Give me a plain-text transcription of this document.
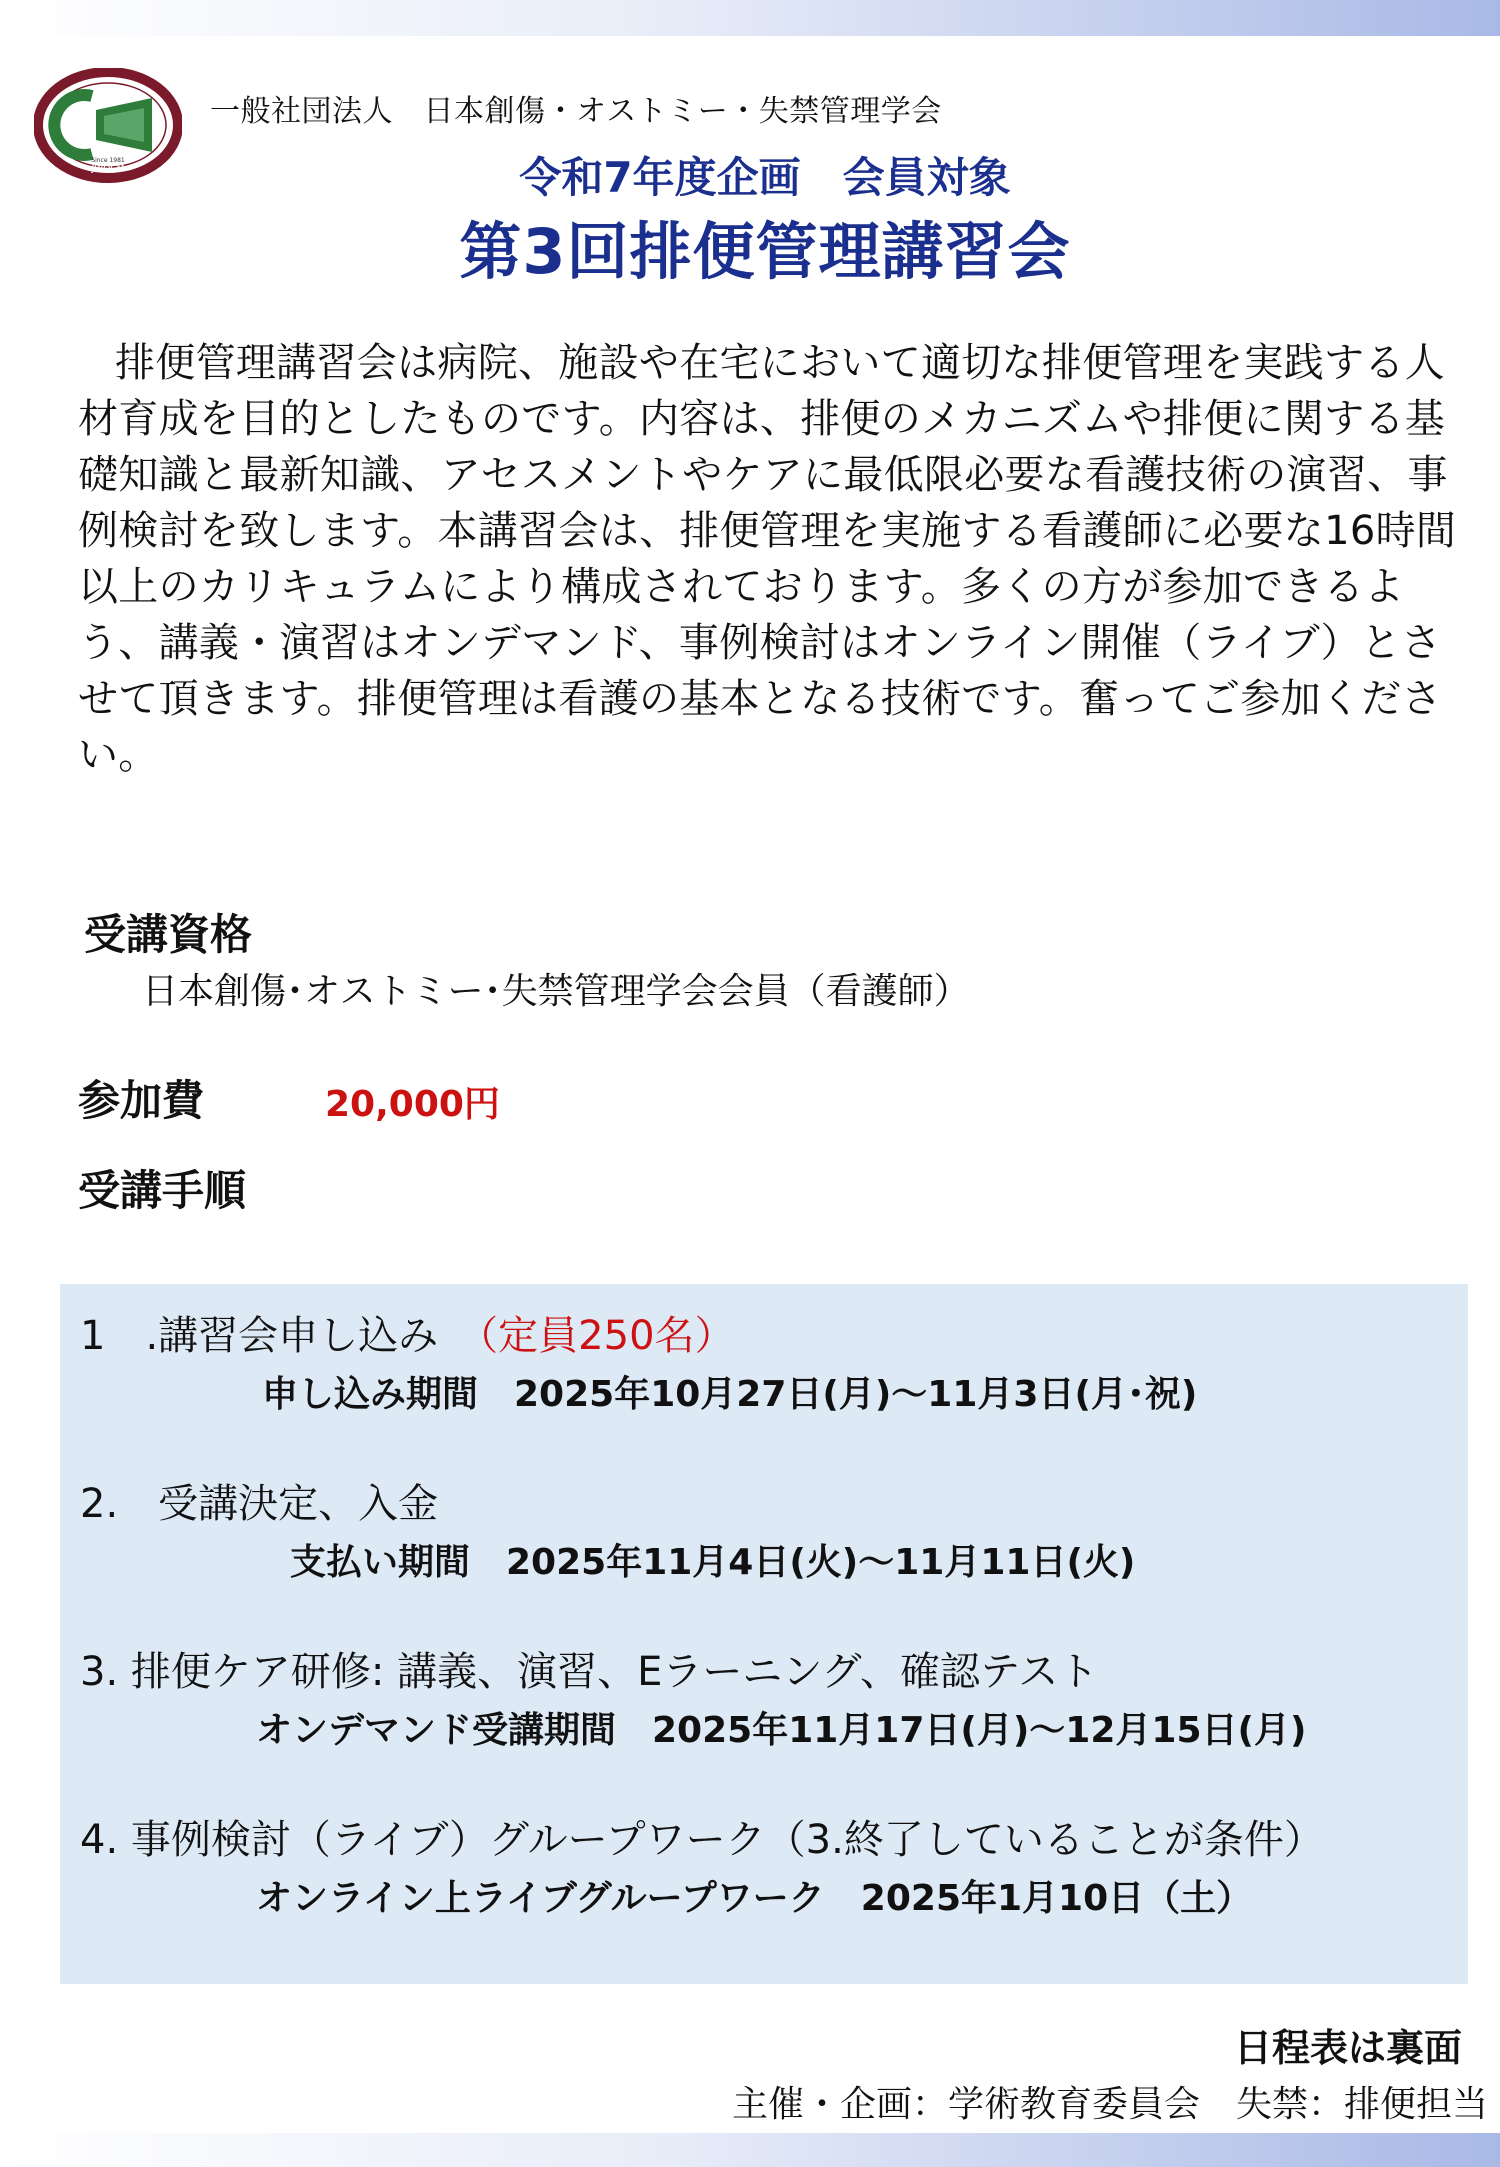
JWOCM
Since 1981
一般社団法人　日本創傷・オストミー・失禁管理学会
令和7年度企画　会員対象
第3回排便管理講習会
排便管理講習会は病院、施設や在宅において適切な排便管理を実践する人材育成を目的としたものです。内容は、排便のメカニズムや排便に関する基礎知識と最新知識、アセスメントやケアに最低限必要な看護技術の演習、事例検討を致します。本講習会は、排便管理を実施する看護師に必要な16時間以上のカリキュラムにより構成されております。多くの方が参加できるよう、講義・演習はオンデマンド、事例検討はオンライン開催（ライブ）とさせて頂きます。排便管理は看護の基本となる技術です。奮ってご参加ください。
受講資格
日本創傷･オストミー･失禁管理学会会員（看護師）
参加費	20,000円
受講手順
1　.講習会申し込み　（定員250名）
申し込み期間　2025年10月27日(月)～11月3日(月･祝)
2.　受講決定、入金
支払い期間　2025年11月4日(火)～11月11日(火)
3. 排便ケア研修: 講義、演習、Eラーニング、確認テスト
オンデマンド受講期間　2025年11月17日(月)～12月15日(月)
4. 事例検討（ライブ）グループワーク（3.終了していることが条件）
オンライン上ライブグループワーク　2025年1月10日（土）
日程表は裏面
主催・企画：学術教育委員会　失禁：排便担当
